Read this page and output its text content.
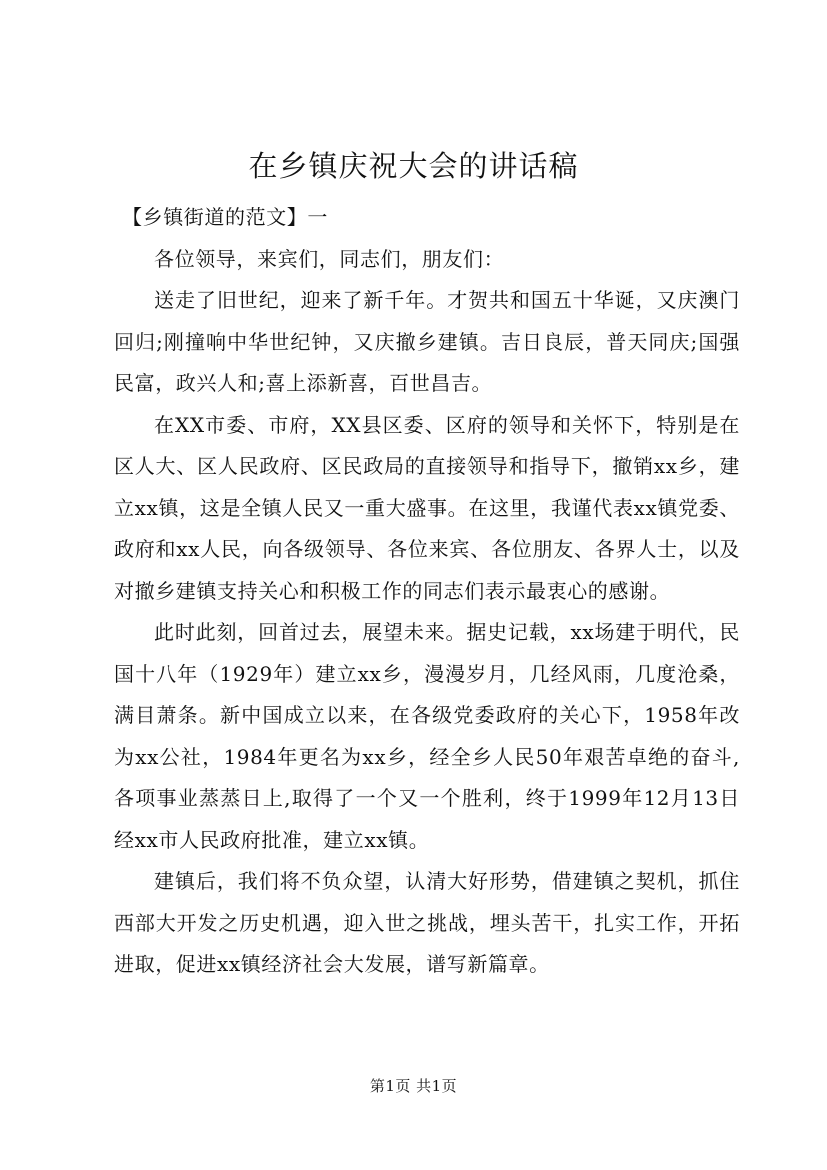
在乡镇庆祝大会的讲话稿

【乡镇街道的范文】一

各位领导，来宾们，同志们，朋友们：

送走了旧世纪，迎来了新千年。才贺共和国五十华诞，又庆澳门回归;刚撞响中华世纪钟，又庆撤乡建镇。吉日良辰，普天同庆;国强民富，政兴人和;喜上添新喜，百世昌吉。

在XX市委、市府，XX县区委、区府的领导和关怀下，特别是在区人大、区人民政府、区民政局的直接领导和指导下，撤销xx乡，建立xx镇，这是全镇人民又一重大盛事。在这里，我谨代表xx镇党委、政府和xx人民，向各级领导、各位来宾、各位朋友、各界人士，以及对撤乡建镇支持关心和积极工作的同志们表示最衷心的感谢。

此时此刻，回首过去，展望未来。据史记载，xx场建于明代，民国十八年（1929年）建立xx乡，漫漫岁月，几经风雨，几度沧桑，满目萧条。新中国成立以来，在各级党委政府的关心下，1958年改为xx公社，1984年更名为xx乡，经全乡人民50年艰苦卓绝的奋斗,各项事业蒸蒸日上,取得了一个又一个胜利，终于1999年12月13日经xx市人民政府批准，建立xx镇。

建镇后，我们将不负众望，认清大好形势，借建镇之契机，抓住西部大开发之历史机遇，迎入世之挑战，埋头苦干，扎实工作，开拓进取，促进xx镇经济社会大发展，谱写新篇章。

第1页 共1页
